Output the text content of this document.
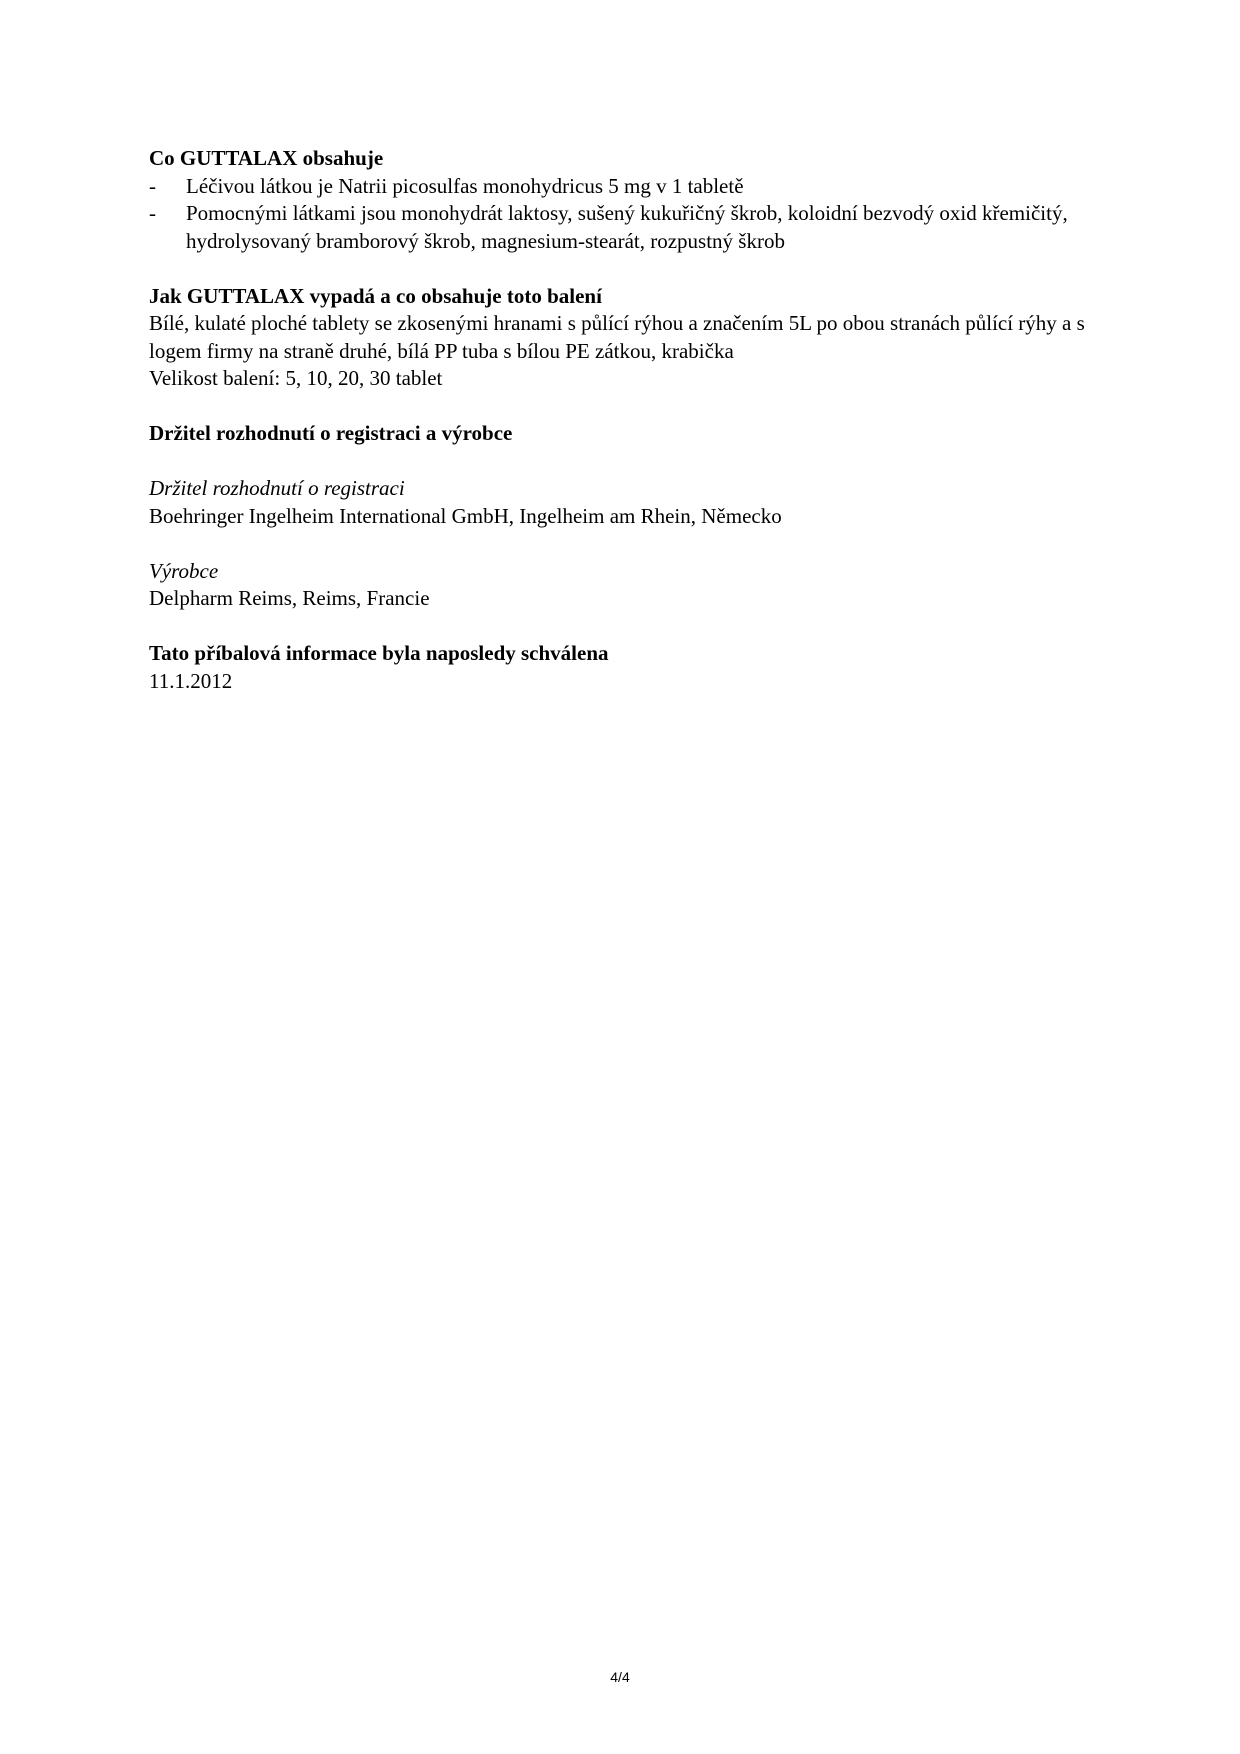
Co GUTTALAX obsahuje

- Léčivou látkou je Natrii picosulfas monohydricus 5 mg v 1 tabletě
- Pomocnými látkami jsou monohydrát laktosy, sušený kukuřičný škrob, koloidní bezvodý oxid křemičitý, hydrolysovaný bramborový škrob, magnesium-stearát, rozpustný škrob

Jak GUTTALAX vypadá a co obsahuje toto balení

Bílé, kulaté ploché tablety se zkosenými hranami s půlící rýhou a značením 5L po obou stranách půlící rýhy a s logem firmy na straně druhé, bílá PP tuba s bílou PE zátkou, krabička

Velikost balení: 5, 10, 20, 30 tablet

Držitel rozhodnutí o registraci a výrobce

Držitel rozhodnutí o registraci

Boehringer Ingelheim International GmbH, Ingelheim am Rhein, Německo

Výrobce

Delpharm Reims, Reims, Francie

Tato příbalová informace byla naposledy schválena

11.1.2012

4/4
